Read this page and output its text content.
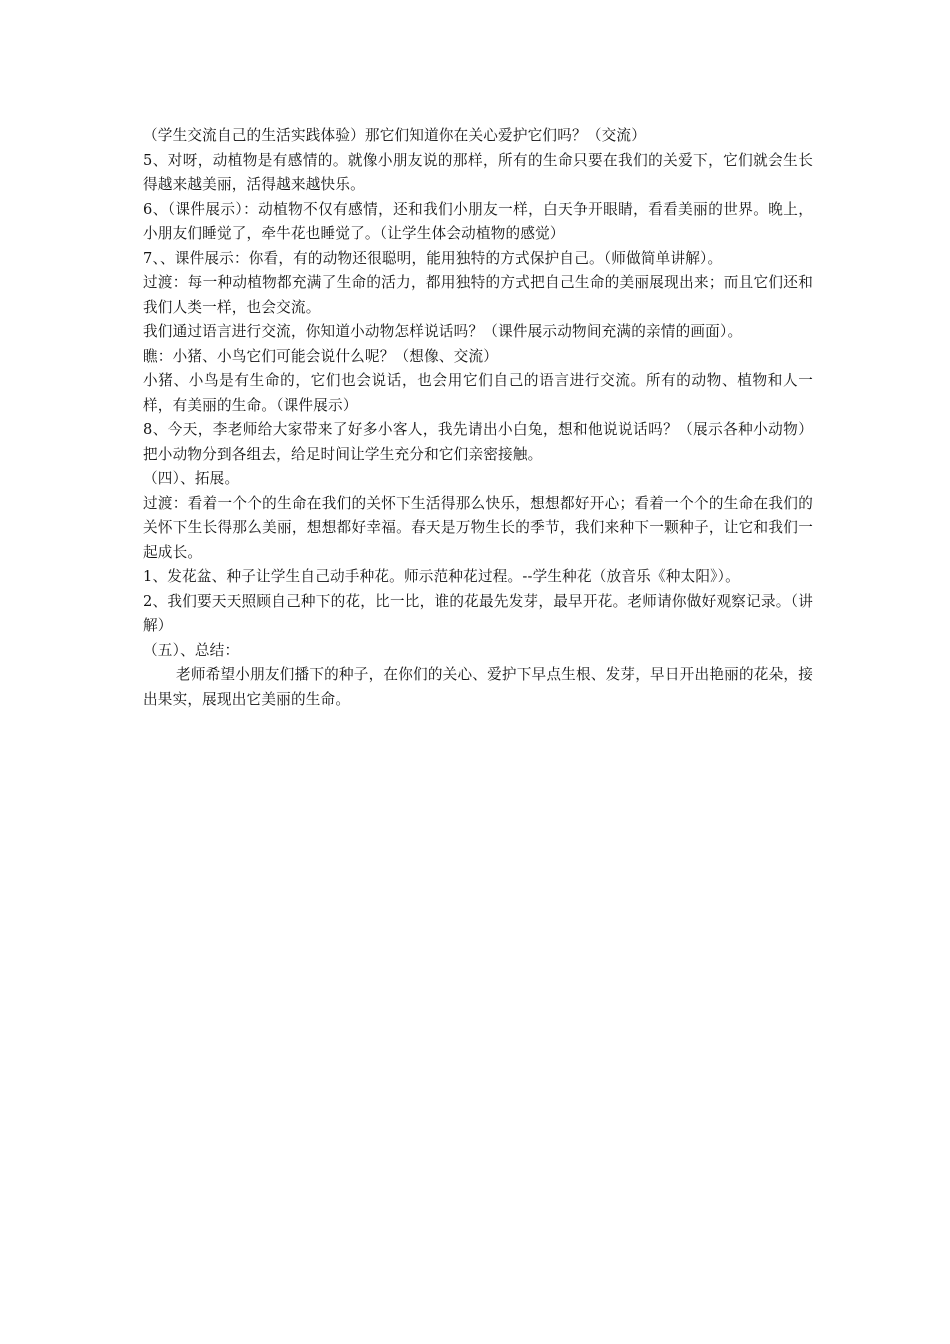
（学生交流自己的生活实践体验）那它们知道你在关心爱护它们吗？（交流）

5、对呀，动植物是有感情的。就像小朋友说的那样，所有的生命只要在我们的关爱下，它们就会生长得越来越美丽，活得越来越快乐。

6、（课件展示）：动植物不仅有感情，还和我们小朋友一样，白天争开眼睛，看看美丽的世界。晚上，小朋友们睡觉了，牵牛花也睡觉了。（让学生体会动植物的感觉）

7、、课件展示：你看，有的动物还很聪明，能用独特的方式保护自己。（师做简单讲解）。

过渡：每一种动植物都充满了生命的活力，都用独特的方式把自己生命的美丽展现出来；而且它们还和我们人类一样，也会交流。

我们通过语言进行交流，你知道小动物怎样说话吗？（课件展示动物间充满的亲情的画面）。

瞧：小猪、小鸟它们可能会说什么呢？（想像、交流）

小猪、小鸟是有生命的，它们也会说话，也会用它们自己的语言进行交流。所有的动物、植物和人一样，有美丽的生命。（课件展示）

8、今天，李老师给大家带来了好多小客人，我先请出小白兔，想和他说说话吗？（展示各种小动物）把小动物分到各组去，给足时间让学生充分和它们亲密接触。

（四）、拓展。

过渡：看着一个个的生命在我们的关怀下生活得那么快乐，想想都好开心；看着一个个的生命在我们的关怀下生长得那么美丽，想想都好幸福。春天是万物生长的季节，我们来种下一颗种子，让它和我们一起成长。

1、发花盆、种子让学生自己动手种花。师示范种花过程。--学生种花（放音乐《种太阳》）。

2、我们要天天照顾自己种下的花，比一比，谁的花最先发芽，最早开花。老师请你做好观察记录。（讲解）

（五）、总结：

老师希望小朋友们播下的种子，在你们的关心、爱护下早点生根、发芽，早日开出艳丽的花朵，接出果实，展现出它美丽的生命。
